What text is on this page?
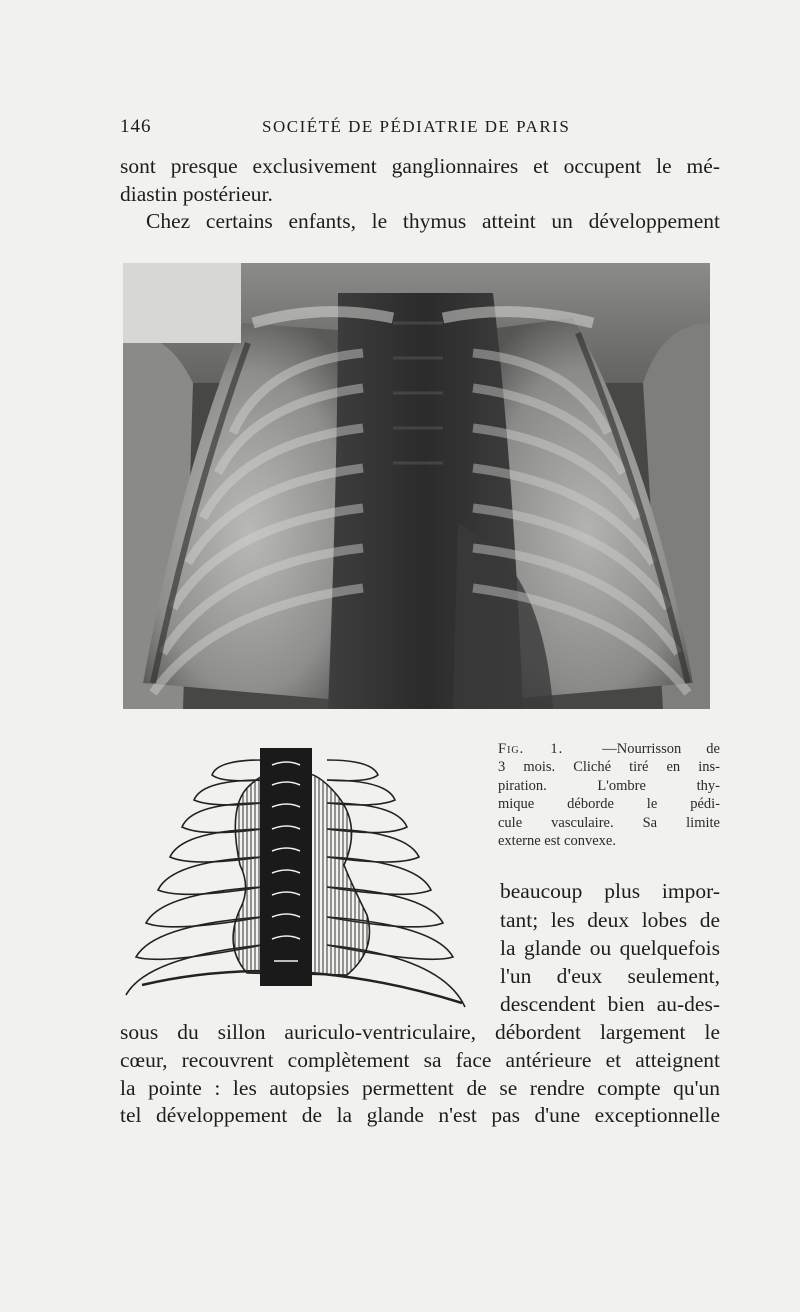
146	SOCIÉTÉ DE PÉDIATRIE DE PARIS
sont presque exclusivement ganglionnaires et occupent le mé-
diastin postérieur.
Chez certains enfants, le thymus atteint un développement
Fig. 1.	—Nourrisson de
3 mois. Cliché tiré en ins-
piration. L'ombre thy-
mique déborde le pédi-
cule vasculaire. Sa limite
externe est convexe.
beaucoup plus impor-
tant; les deux lobes de
la glande ou quelquefois
l'un d'eux seulement,
descendent bien au-des-
sous du sillon auriculo-ventriculaire, débordent largement le
cœur, recouvrent complètement sa face antérieure et atteignent
la pointe : les autopsies permettent de se rendre compte qu'un
tel développement de la glande n'est pas d'une exceptionnelle
